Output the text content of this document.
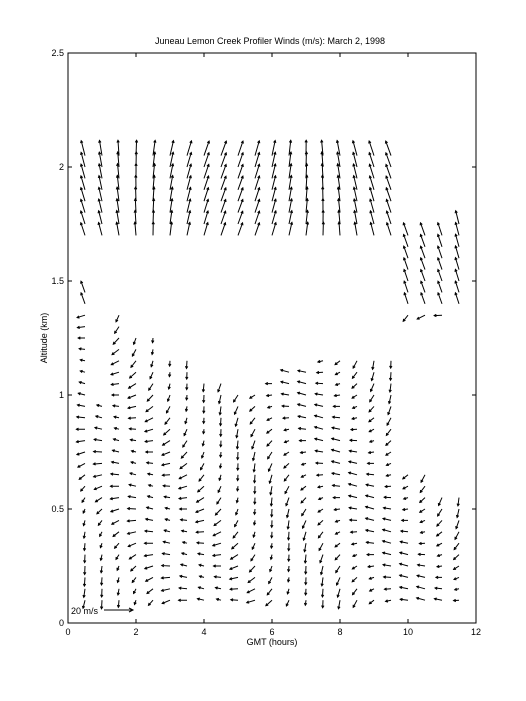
Juneau Lemon Creek Profiler Winds (m/s): March 2, 1998
0	2	4	6	8	10	12
0
0.5
1
1.5
2
2.5
GMT (hours)
Altitude (km)
20 m/s
